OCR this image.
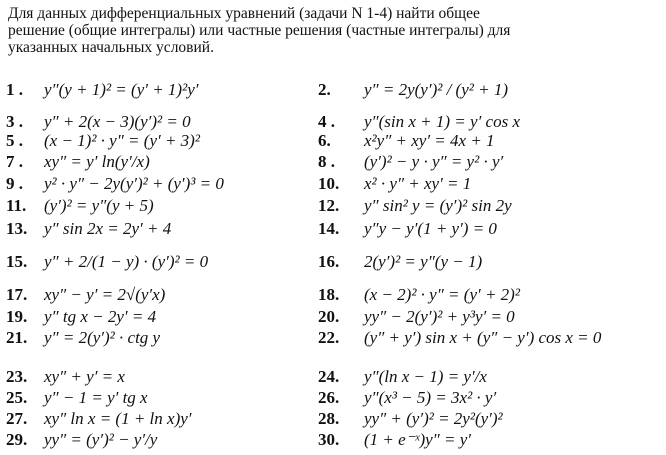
Для данных дифференциальных уравнений (задачи N 1-4) найти общее
решение (общие интегралы) или частные решения (частные интегралы) для
указанных начальных условий.
1 . y″(y + 1)² = (y′ + 1)²y′	2. y″ = 2y(y′)² / (y² + 1)
3 . y″ + 2(x − 3)(y′)² = 0	4 . y″(sin x + 1) = y′ cos x
5 . (x − 1)² · y″ = (y′ + 3)²	6. x²y″ + xy′ = 4x + 1
7 . xy″ = y′ ln(y′/x)	8 . (y′)² − y · y″ = y² · y′
9 . y² · y″ − 2y(y′)² + (y′)³ = 0	10. x² · y″ + xy′ = 1
11. (y′)² = y″(y + 5)	12. y″ sin² y = (y′)² sin 2y
13. y″ sin 2x = 2y′ + 4	14. y″y − y′(1 + y′) = 0
15. y″ + 2/(1 − y) · (y′)² = 0	16. 2(y′)² = y″(y − 1)
17. xy″ − y′ = 2√(y′x)	18. (x − 2)² · y″ = (y′ + 2)²
19. y″ tg x − 2y′ = 4	20. yy″ − 2(y′)² + y³y′ = 0
21. y″ = 2(y′)² · ctg y	22. (y″ + y′) sin x + (y″ − y′) cos x = 0
23. xy″ + y′ = x	24. y″(ln x − 1) = y′/x
25. y″ − 1 = y′ tg x	26. y″(x³ − 5) = 3x² · y′
27. xy″ ln x = (1 + ln x)y′	28. yy″ + (y′)² = 2y²(y′)²
29. yy″ = (y′)² − y′/y	30. (1 + e⁻ˣ)y″ = y′
